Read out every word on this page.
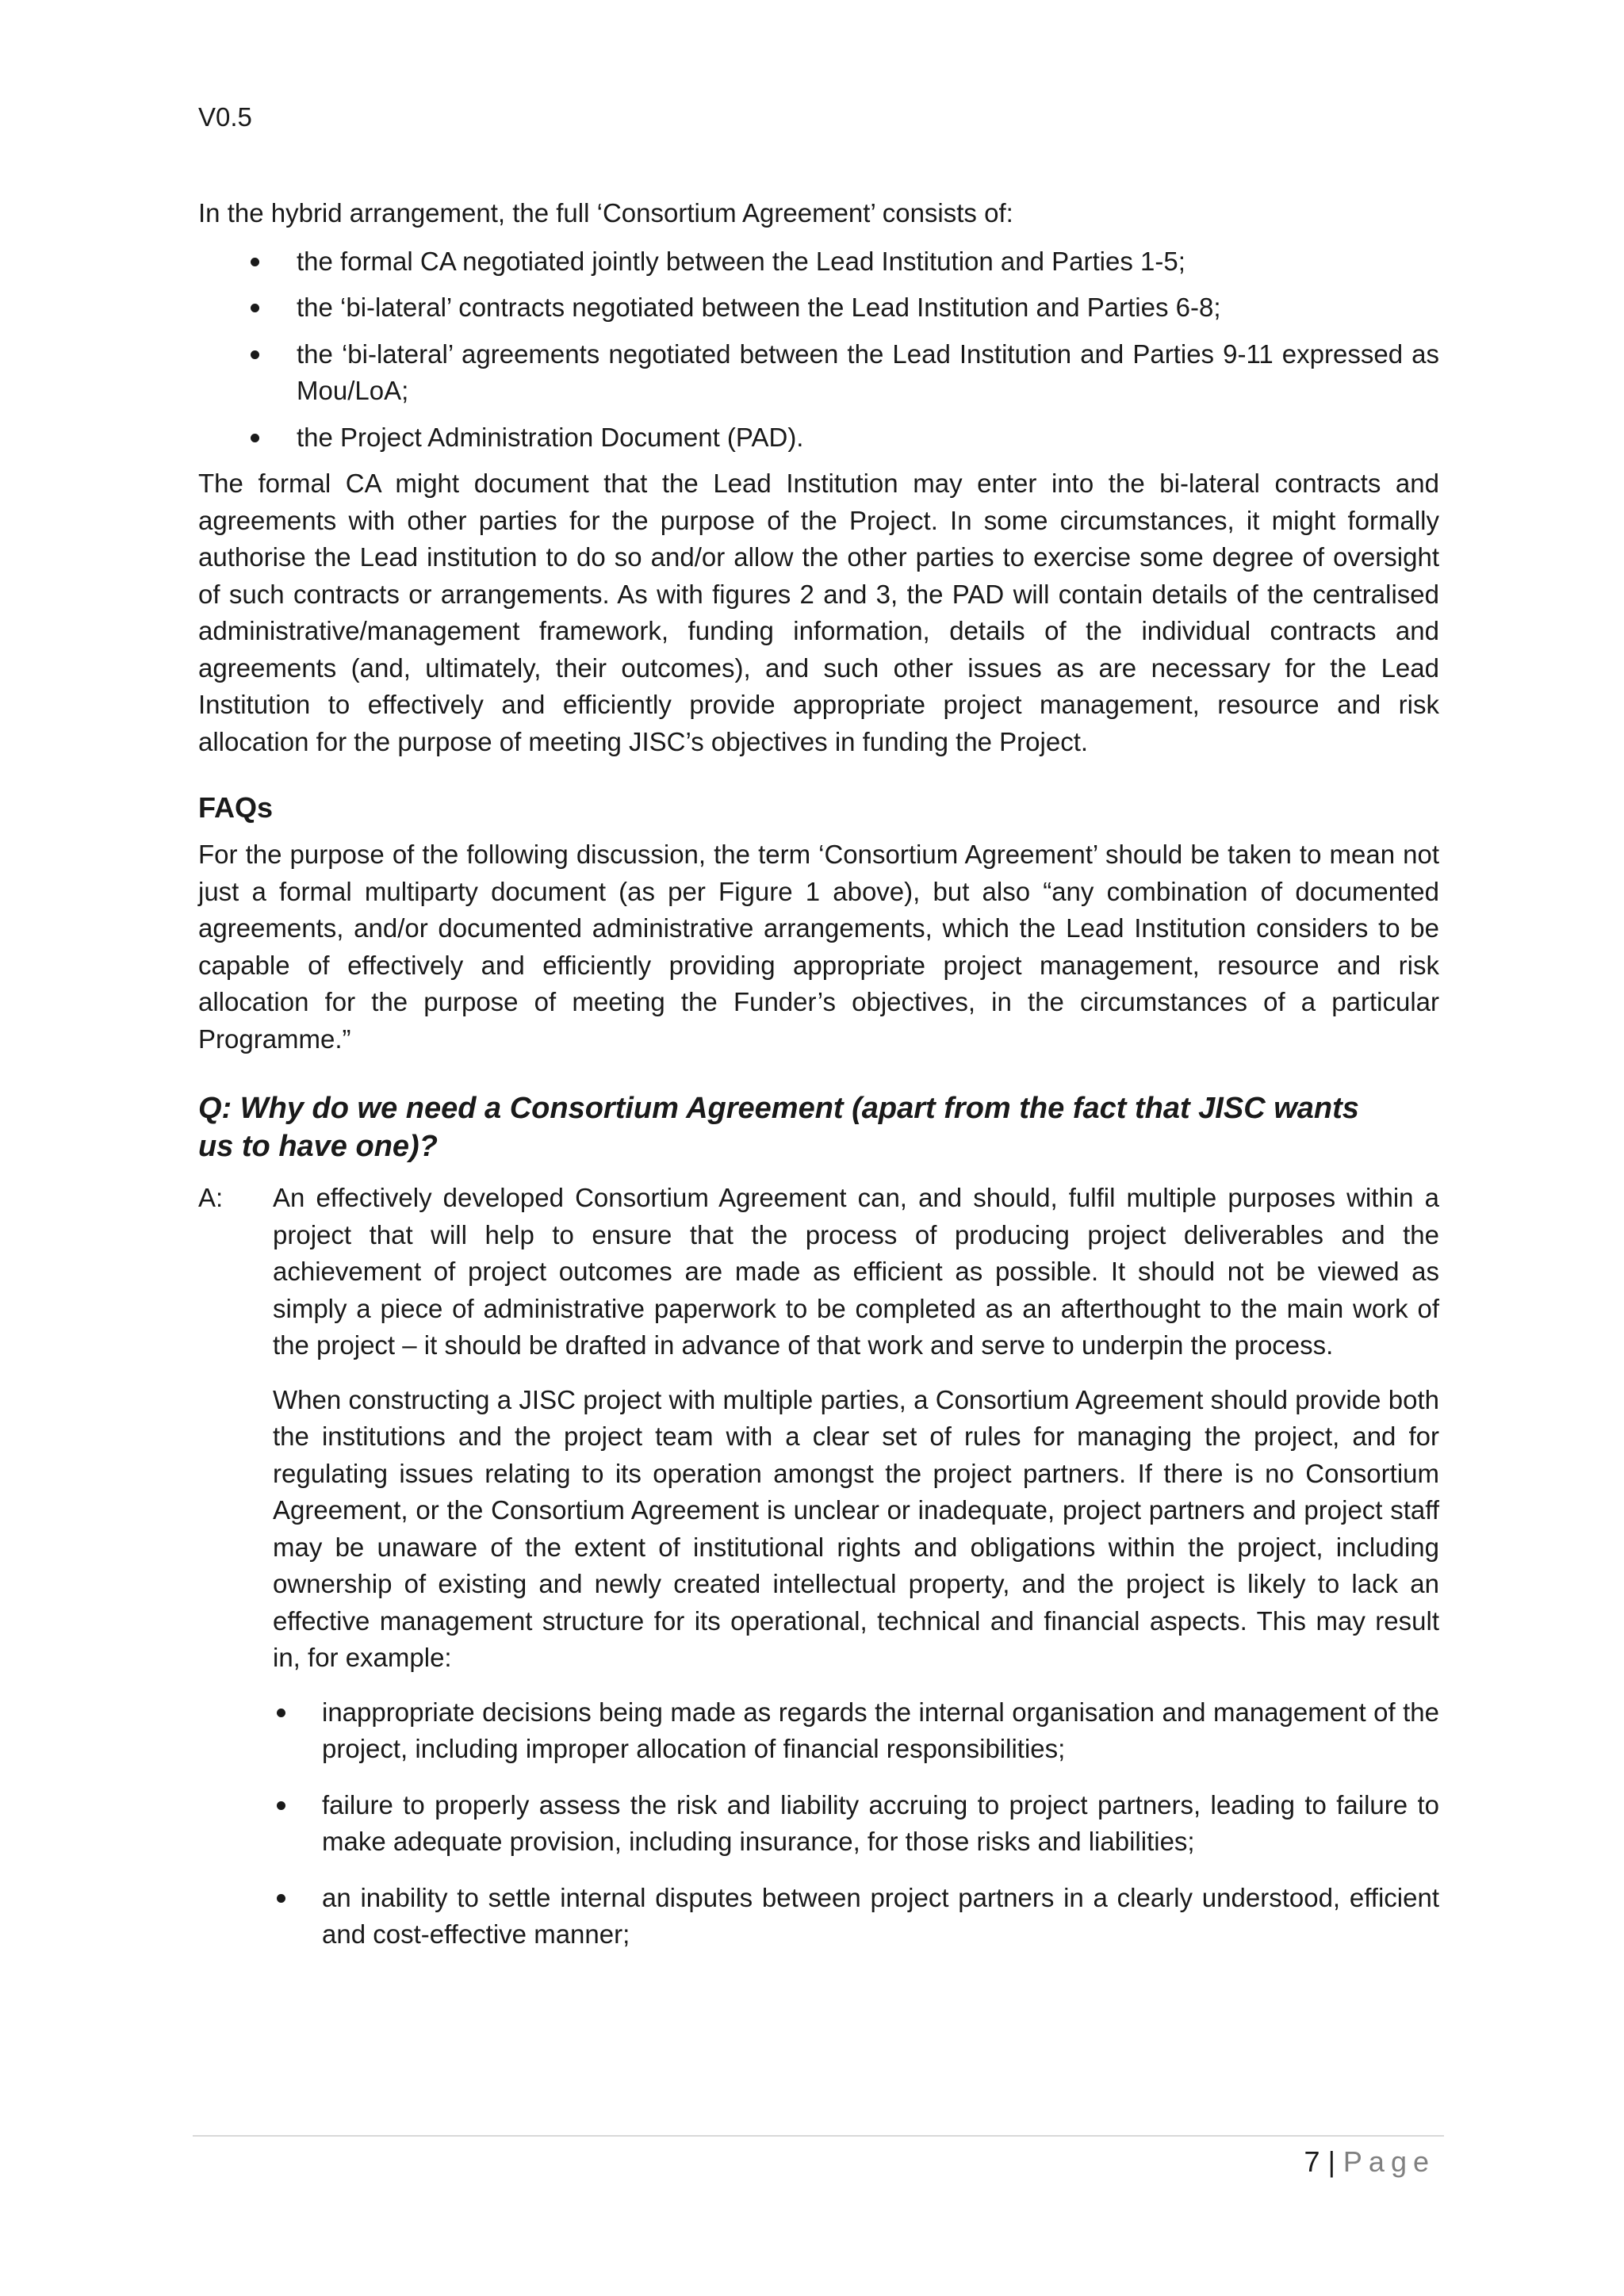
V0.5

In the hybrid arrangement, the full ‘Consortium Agreement’ consists of:

the formal CA negotiated jointly between the Lead Institution and Parties 1-5;
the ‘bi-lateral’ contracts negotiated between the Lead Institution and Parties 6-8;
the ‘bi-lateral’ agreements negotiated between the Lead Institution and Parties 9-11 expressed as Mou/LoA;
the Project Administration Document (PAD).

The formal CA might document that the Lead Institution may enter into the bi-lateral contracts and agreements with other parties for the purpose of the Project. In some circumstances, it might formally authorise the Lead institution to do so and/or allow the other parties to exercise some degree of oversight of such contracts or arrangements. As with figures 2 and 3, the PAD will contain details of the centralised administrative/management framework, funding information, details of the individual contracts and agreements (and, ultimately, their outcomes), and such other issues as are necessary for the Lead Institution to effectively and efficiently provide appropriate project management, resource and risk allocation for the purpose of meeting JISC’s objectives in funding the Project.

FAQs

For the purpose of the following discussion, the term ‘Consortium Agreement’ should be taken to mean not just a formal multiparty document (as per Figure 1 above), but also “any combination of documented agreements, and/or documented administrative arrangements, which the Lead Institution considers to be capable of effectively and efficiently providing appropriate project management, resource and risk allocation for the purpose of meeting the Funder’s objectives, in the circumstances of a particular Programme.”

Q: Why do we need a Consortium Agreement (apart from the fact that JISC wants us to have one)?
A: An effectively developed Consortium Agreement can, and should, fulfil multiple purposes within a project that will help to ensure that the process of producing project deliverables and the achievement of project outcomes are made as efficient as possible. It should not be viewed as simply a piece of administrative paperwork to be completed as an afterthought to the main work of the project – it should be drafted in advance of that work and serve to underpin the process.

When constructing a JISC project with multiple parties, a Consortium Agreement should provide both the institutions and the project team with a clear set of rules for managing the project, and for regulating issues relating to its operation amongst the project partners. If there is no Consortium Agreement, or the Consortium Agreement is unclear or inadequate, project partners and project staff may be unaware of the extent of institutional rights and obligations within the project, including ownership of existing and newly created intellectual property, and the project is likely to lack an effective management structure for its operational, technical and financial aspects. This may result in, for example:

inappropriate decisions being made as regards the internal organisation and management of the project, including improper allocation of financial responsibilities;
failure to properly assess the risk and liability accruing to project partners, leading to failure to make adequate provision, including insurance, for those risks and liabilities;
an inability to settle internal disputes between project partners in a clearly understood, efficient and cost-effective manner;
7 | Page
